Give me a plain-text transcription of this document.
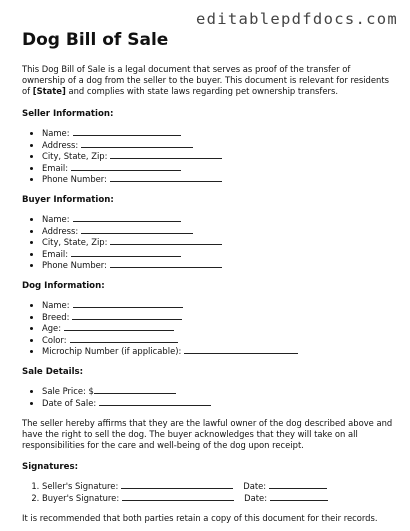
editablepdfdocs.com
Dog Bill of Sale

This Dog Bill of Sale is a legal document that serves as proof of the transfer of ownership of a dog from the seller to the buyer. This document is relevant for residents of [State] and complies with state laws regarding pet ownership transfers.

Seller Information:
• Name:
• Address:
• City, State, Zip:
• Email:
• Phone Number:
Buyer Information:
• Name:
• Address:
• City, State, Zip:
• Email:
• Phone Number:
Dog Information:
• Name:
• Breed:
• Age:
• Color:
• Microchip Number (if applicable):
Sale Details:
• Sale Price: $
• Date of Sale:

The seller hereby affirms that they are the lawful owner of the dog described above and have the right to sell the dog. The buyer acknowledges that they will take on all responsibilities for the care and well-being of the dog upon receipt.

Signatures:
1. Seller's Signature:	Date:
2. Buyer's Signature:	Date:

It is recommended that both parties retain a copy of this document for their records.
